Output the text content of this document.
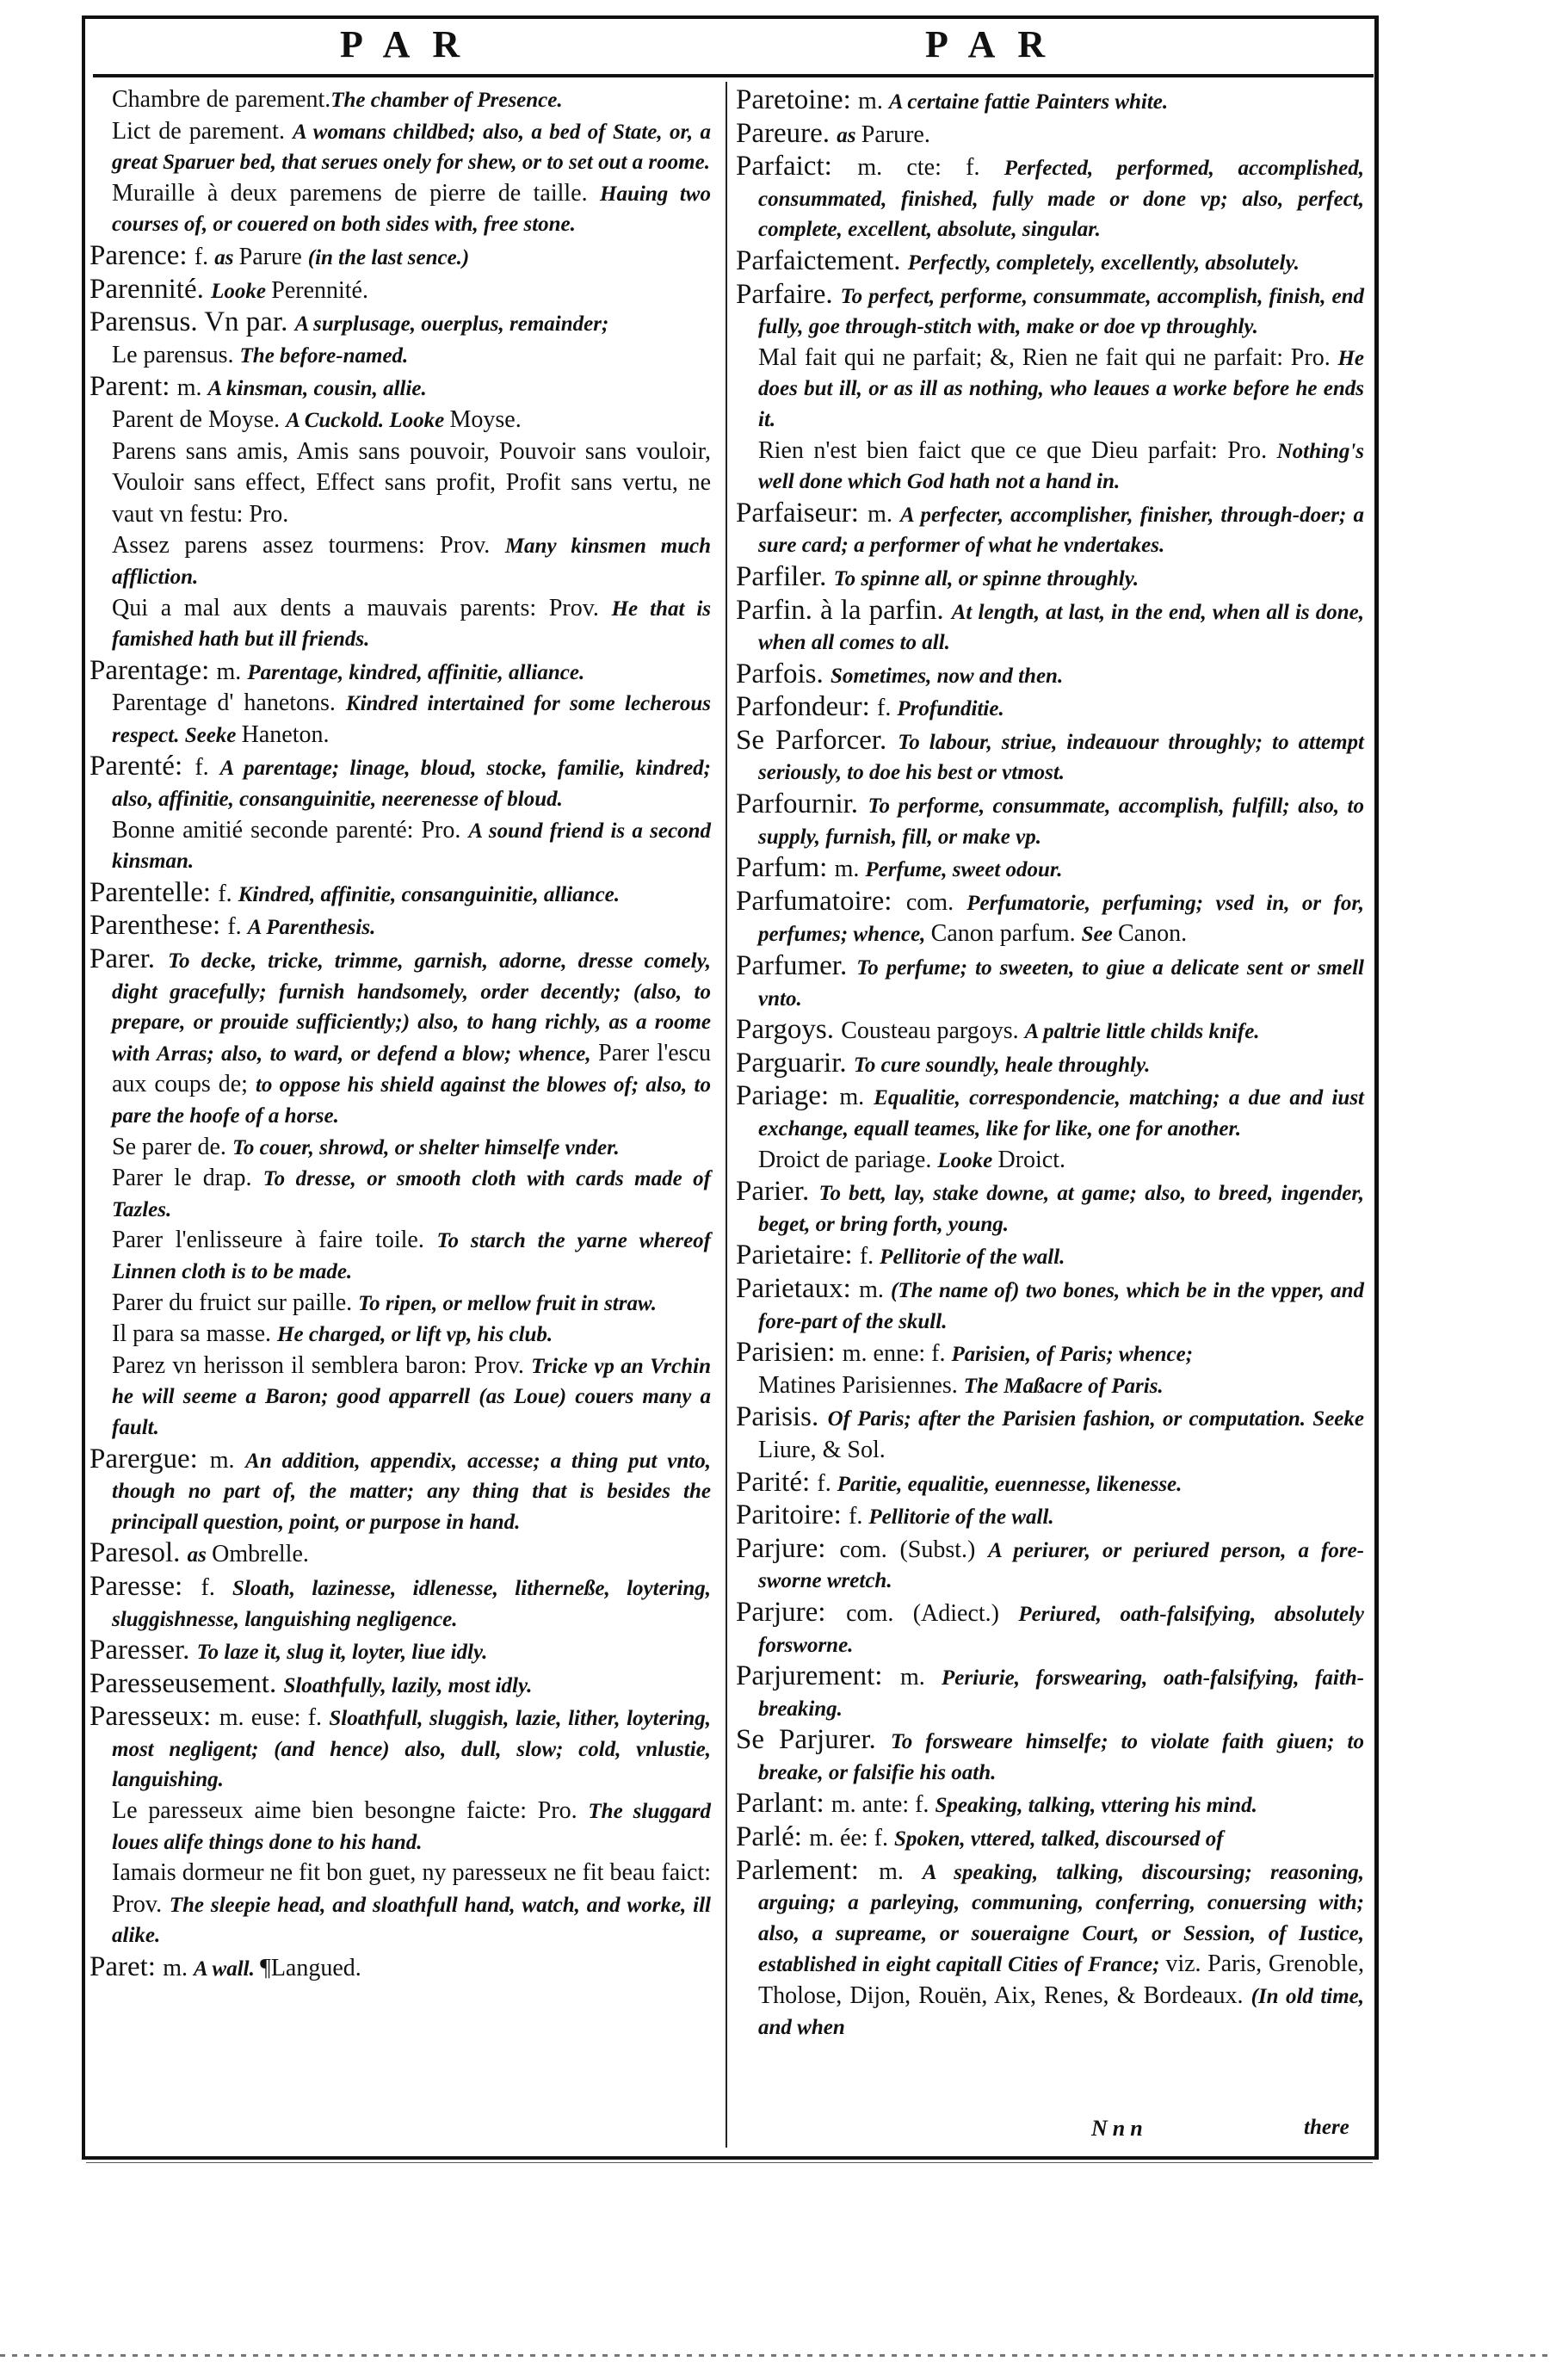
PAR	PAR

Chambre de parement.The chamber of Presence.

Lict de parement. A womans childbed; also, a bed of State, or, a great Sparuer bed, that serues onely for shew, or to set out a roome.

Muraille à deux paremens de pierre de taille. Hauing two courses of, or couered on both sides with, free stone.

Parence: f. as Parure (in the last sence.)

Parennité. Looke Perennité.

Parensus. Vn par. A surplusage, ouerplus, remainder;

Le parensus. The before-named.

Parent: m. A kinsman, cousin, allie.

Parent de Moyse. A Cuckold. Looke Moyse.

Parens sans amis, Amis sans pouvoir, Pouvoir sans vouloir, Vouloir sans effect, Effect sans profit, Profit sans vertu, ne vaut vn festu: Pro.

Assez parens assez tourmens: Prov. Many kinsmen much affliction.

Qui a mal aux dents a mauvais parents: Prov. He that is famished hath but ill friends.

Parentage: m. Parentage, kindred, affinitie, alliance.

Parentage d' hanetons. Kindred intertained for some lecherous respect. Seeke Haneton.

Parenté: f. A parentage; linage, bloud, stocke, familie, kindred; also, affinitie, consanguinitie, neerenesse of bloud.

Bonne amitié seconde parenté: Pro. A sound friend is a second kinsman.

Parentelle: f. Kindred, affinitie, consanguinitie, alliance.

Parenthese: f. A Parenthesis.

Parer. To decke, tricke, trimme, garnish, adorne, dresse comely, dight gracefully; furnish handsomely, order decently; (also, to prepare, or prouide sufficiently;) also, to hang richly, as a roome with Arras; also, to ward, or defend a blow; whence, Parer l'escu aux coups de; to oppose his shield against the blowes of; also, to pare the hoofe of a horse.

Se parer de. To couer, shrowd, or shelter himselfe vnder.

Parer le drap. To dresse, or smooth cloth with cards made of Tazles.

Parer l'enlisseure à faire toile. To starch the yarne whereof Linnen cloth is to be made.

Parer du fruict sur paille. To ripen, or mellow fruit in straw.

Il para sa masse. He charged, or lift vp, his club.

Parez vn herisson il semblera baron: Prov. Tricke vp an Vrchin he will seeme a Baron; good apparrell (as Loue) couers many a fault.

Parergue: m. An addition, appendix, accesse; a thing put vnto, though no part of, the matter; any thing that is besides the principall question, point, or purpose in hand.

Paresol. as Ombrelle.

Paresse: f. Sloath, lazinesse, idlenesse, litherneße, loytering, sluggishnesse, languishing negligence.

Paresser. To laze it, slug it, loyter, liue idly.

Paresseusement. Sloathfully, lazily, most idly.

Paresseux: m. euse: f. Sloathfull, sluggish, lazie, lither, loytering, most negligent; (and hence) also, dull, slow; cold, vnlustie, languishing.

Le paresseux aime bien besongne faicte: Pro. The sluggard loues alife things done to his hand.

Iamais dormeur ne fit bon guet, ny paresseux ne fit beau faict: Prov. The sleepie head, and sloathfull hand, watch, and worke, ill alike.

Paret: m. A wall. ¶Langued.

Paretoine: m. A certaine fattie Painters white.

Pareure. as Parure.

Parfaict: m. cte: f. Perfected, performed, accomplished, consummated, finished, fully made or done vp; also, perfect, complete, excellent, absolute, singular.

Parfaictement. Perfectly, completely, excellently, absolutely.

Parfaire. To perfect, performe, consummate, accomplish, finish, end fully, goe through-stitch with, make or doe vp throughly.

Mal fait qui ne parfait; &, Rien ne fait qui ne parfait: Pro. He does but ill, or as ill as nothing, who leaues a worke before he ends it.

Rien n'est bien faict que ce que Dieu parfait: Pro. Nothing's well done which God hath not a hand in.

Parfaiseur: m. A perfecter, accomplisher, finisher, through-doer; a sure card; a performer of what he vndertakes.

Parfiler. To spinne all, or spinne throughly.

Parfin. à la parfin. At length, at last, in the end, when all is done, when all comes to all.

Parfois. Sometimes, now and then.

Parfondeur: f. Profunditie.

Se Parforcer. To labour, striue, indeauour throughly; to attempt seriously, to doe his best or vtmost.

Parfournir. To performe, consummate, accomplish, fulfill; also, to supply, furnish, fill, or make vp.

Parfum: m. Perfume, sweet odour.

Parfumatoire: com. Perfumatorie, perfuming; vsed in, or for, perfumes; whence, Canon parfum. See Canon.

Parfumer. To perfume; to sweeten, to giue a delicate sent or smell vnto.

Pargoys. Cousteau pargoys. A paltrie little childs knife.

Parguarir. To cure soundly, heale throughly.

Pariage: m. Equalitie, correspondencie, matching; a due and iust exchange, equall teames, like for like, one for another.

Droict de pariage. Looke Droict.

Parier. To bett, lay, stake downe, at game; also, to breed, ingender, beget, or bring forth, young.

Parietaire: f. Pellitorie of the wall.

Parietaux: m. (The name of) two bones, which be in the vpper, and fore-part of the skull.

Parisien: m. enne: f. Parisien, of Paris; whence;

Matines Parisiennes. The Maßacre of Paris.

Parisis. Of Paris; after the Parisien fashion, or computation. Seeke Liure, & Sol.

Parité: f. Paritie, equalitie, euennesse, likenesse.

Paritoire: f. Pellitorie of the wall.

Parjure: com. (Subst.) A periurer, or periured person, a fore-sworne wretch.

Parjure: com. (Adiect.) Periured, oath-falsifying, absolutely forsworne.

Parjurement: m. Periurie, forswearing, oath-falsifying, faith-breaking.

Se Parjurer. To forsweare himselfe; to violate faith giuen; to breake, or falsifie his oath.

Parlant: m. ante: f. Speaking, talking, vttering his mind.

Parlé: m. ée: f. Spoken, vttered, talked, discoursed of

Parlement: m. A speaking, talking, discoursing; reasoning, arguing; a parleying, communing, conferring, conuersing with; also, a supreame, or soueraigne Court, or Session, of Iustice, established in eight capitall Cities of France; viz. Paris, Grenoble, Tholose, Dijon, Rouën, Aix, Renes, & Bordeaux. (In old time, and when

Nnn	there
